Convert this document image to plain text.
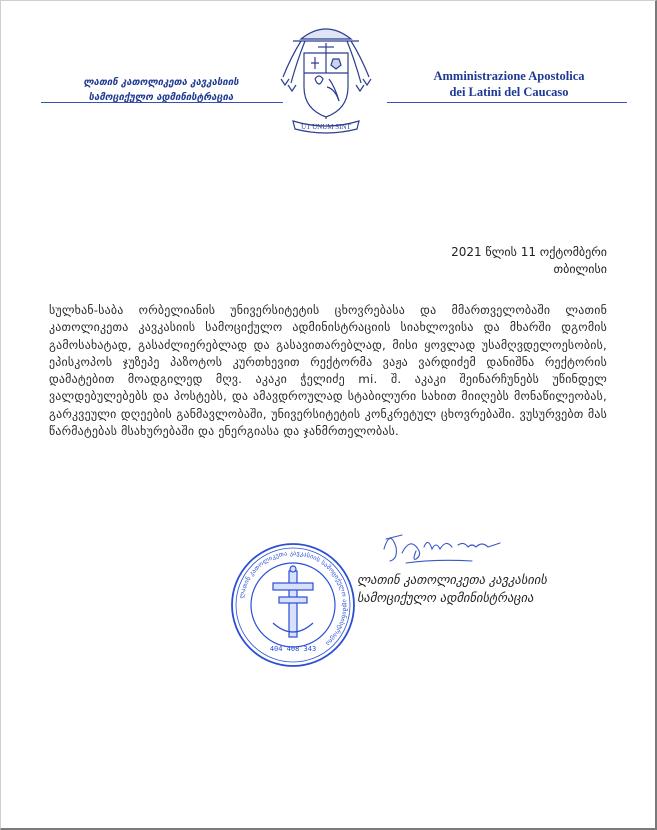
ლათინ კათოლიკეთა კავკასიის
სამოციქულო ადმინისტრაცია
UT UNUM SINT
Amministrazione Apostolica
dei Latini del Caucaso
2021 წლის 11 ოქტომბერი
თბილისი

სულხან-საბა ორბელიანის უნივერსიტეტის ცხოვრებასა და მმართველობაში ლათინ კათოლიკეთა კავკასიის სამოციქულო ადმინისტრაციის სიახლოვისა და მხარში დგომის გამოსახატად, გასაძლიერებლად და გასავითარებლად, მისი ყოვლად უსამღვდელოესობის, ეპისკოპოს ჯუზეპე პაზოტოს კურთხევით რექტორმა ვაჟა ვარდიძემ დანიშნა რექტორის დამატებით მოადგილედ მღვ. აკაკი ჭელიძე mi. შ. აკაკი შეინარჩუნებს უწინდელ ვალდებულებებს და პოსტებს, და ამავდროულად სტაბილური სახით მიიღებს მონაწილეობას, გარკვეული დღეების განმავლობაში, უნივერსიტეტის კონკრეტულ ცხოვრებაში. ვუსურვებთ მას წარმატებას მსახურებაში და ენერგიასა და ჯანმრთელობას.

ლათინ კათოლიკეთა კავკასიის სამოციქულო ადმინისტრაცია
404 408 343
ლათინ კათოლიკეთა კავკასიის
სამოციქულო ადმინისტრაცია
